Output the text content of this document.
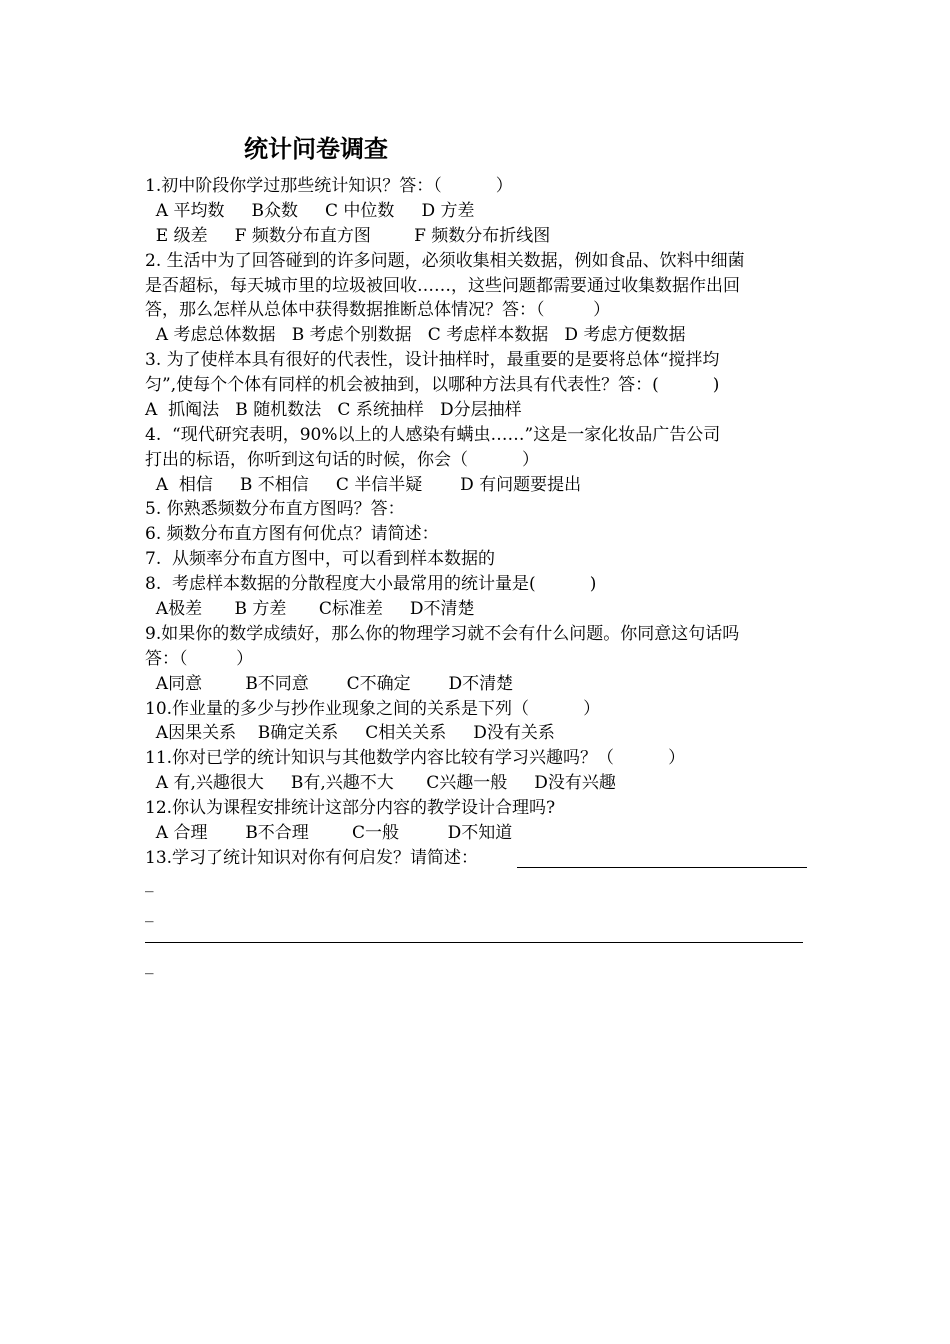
统计问卷调查
1.初中阶段你学过那些统计知识？答：（          ）
A 平均数     B众数     C 中位数     D 方差
E 级差     F 频数分布直方图        F 频数分布折线图
2. 生活中为了回答碰到的许多问题，必须收集相关数据，例如食品、饮料中细菌
是否超标，每天城市里的垃圾被回收……，这些问题都需要通过收集数据作出回
答，那么怎样从总体中获得数据推断总体情况？答：（         ）
A 考虑总体数据   B 考虑个别数据   C 考虑样本数据   D 考虑方便数据
3. 为了使样本具有很好的代表性，设计抽样时，最重要的是要将总体“搅拌均
匀”,使每个个体有同样的机会被抽到，以哪种方法具有代表性？答：(          )
A  抓阄法   B 随机数法   C 系统抽样   D分层抽样
4.  “现代研究表明，90%以上的人感染有螨虫……”这是一家化妆品广告公司
打出的标语，你听到这句话的时候，你会（          ）
A  相信     B 不相信     C 半信半疑       D 有问题要提出
5. 你熟悉频数分布直方图吗？答：
6. 频数分布直方图有何优点？请简述：
7.  从频率分布直方图中，可以看到样本数据的
8.  考虑样本数据的分散程度大小最常用的统计量是(          )
A极差      B 方差      C标准差     D不清楚
9.如果你的数学成绩好，那么你的物理学习就不会有什么问题。你同意这句话吗
答：（         ）
A同意        B不同意       C不确定       D不清楚
10.作业量的多少与抄作业现象之间的关系是下列（          ）
A因果关系    B确定关系     C相关关系     D没有关系
11.你对已学的统计知识与其他数学内容比较有学习兴趣吗？（          ）
A 有,兴趣很大     B有,兴趣不大      C兴趣一般     D没有兴趣
12.你认为课程安排统计这部分内容的教学设计合理吗?
A 合理       B不合理        C一般         D不知道
13.学习了统计知识对你有何启发？请简述：
_
_
_
